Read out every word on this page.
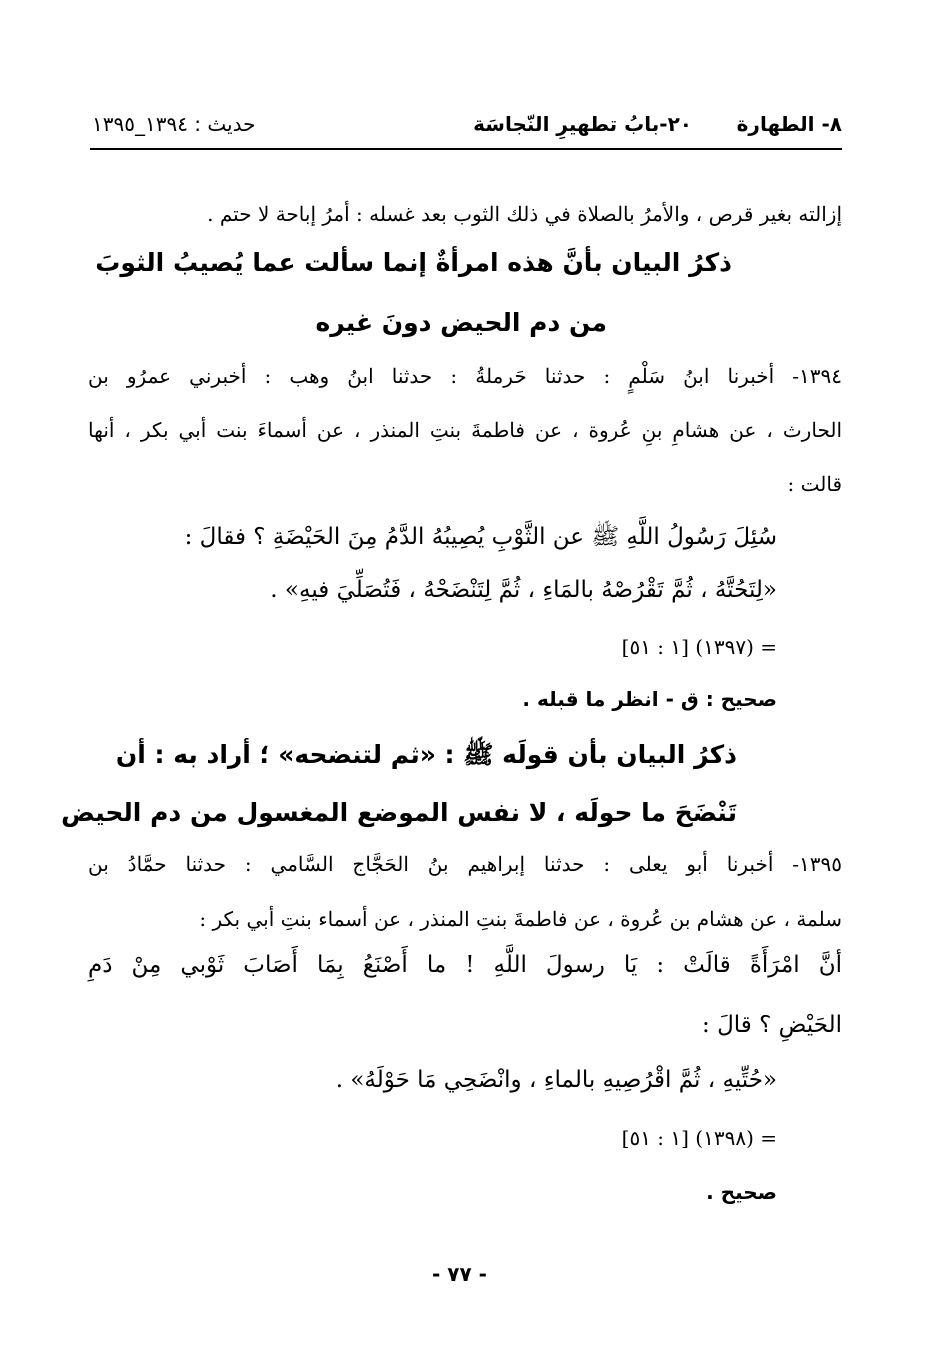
٨- الطهارة
٢٠-بابُ تطهيرِ النّجاسَة
حديث : ١٣٩٤_١٣٩٥

إزالته بغير قرص ، والأمرُ بالصلاة في ذلك الثوب بعد غسله : أمرُ إباحة لا حتم .

ذكرُ البيان بأنَّ هذه امرأةٌ إنما سألت عما يُصيبُ الثوبَ

من دم الحيض دونَ غيره

١٣٩٤- أخبرنا ابنُ سَلْمٍ : حدثنا حَرملةُ : حدثنا ابنُ وهب : أخبرني عمرُو بن

الحارث ، عن هشامِ بنِ عُروة ، عن فاطمةَ بنتِ المنذر ، عن أسماءَ بنت أبي بكر ، أنها

قالت :

سُئِلَ رَسُولُ اللَّهِ ﷺ عن الثَّوْبِ يُصِيبُهُ الدَّمُ مِنَ الحَيْضَةِ ؟ فقالَ :

«لِتَحُتَّهُ ، ثُمَّ تَقْرُصْهُ بالمَاءِ ، ثُمَّ لِتَنْضَحْهُ ، فَتُصَلِّيَ فيهِ» .

= (١٣٩٧) [١ : ٥١]

صحيح : ق - انظر ما قبله .

ذكرُ البيان بأن قولَه ﷺ : «ثم لتنضحه» ؛ أراد به : أن

تَنْضَحَ ما حولَه ، لا نفس الموضع المغسول من دم الحيض

١٣٩٥- أخبرنا أبو يعلى : حدثنا إبراهيم بنُ الحَجَّاج السَّامي : حدثنا حمَّادُ بن

سلمة ، عن هشام بن عُروة ، عن فاطمةَ بنتِ المنذر ، عن أسماء بنتِ أبي بكر :

أنَّ امْرَأَةً قالَتْ : يَا رسولَ اللَّهِ ! ما أَصْنَعُ بِمَا أَصَابَ ثَوْبي مِنْ دَمِ

الحَيْضِ ؟ قالَ :

«حُتِّيهِ ، ثُمَّ اقْرُصِيهِ بالماءِ ، وانْضَحِي مَا حَوْلَهُ» .

= (١٣٩٨) [١ : ٥١]

صحيح .

- ٧٧ -
